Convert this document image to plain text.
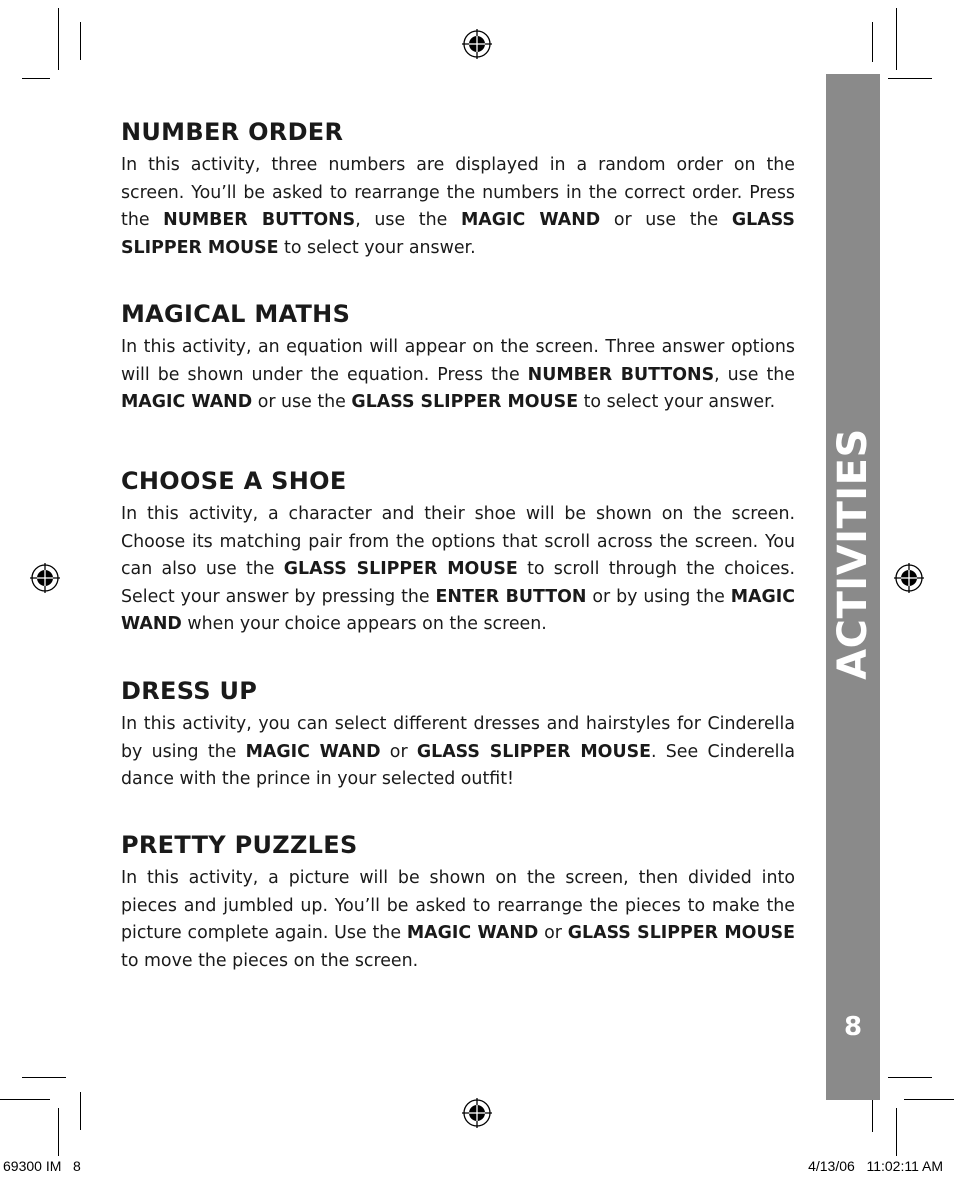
ACTIVITIES
8
NUMBER ORDER

In this activity, three numbers are displayed in a random order on the screen. You’ll be asked to rearrange the numbers in the correct order. Press the NUMBER BUTTONS, use the MAGIC WAND or use the GLASS SLIPPER MOUSE to select your answer.

MAGICAL MATHS

In this activity, an equation will appear on the screen. Three answer options will be shown under the equation. Press the NUMBER BUTTONS, use the MAGIC WAND or use the GLASS SLIPPER MOUSE to select your answer.

CHOOSE A SHOE

In this activity, a character and their shoe will be shown on the screen. Choose its matching pair from the options that scroll across the screen. You can also use the GLASS SLIPPER MOUSE to scroll through the choices. Select your answer by pressing the ENTER BUTTON or by using the MAGIC WAND when your choice appears on the screen.

DRESS UP

In this activity, you can select different dresses and hairstyles for Cinderella by using the MAGIC WAND or GLASS SLIPPER MOUSE. See Cinderella dance with the prince in your selected outfit!

PRETTY PUZZLES

In this activity, a picture will be shown on the screen, then divided into pieces and jumbled up. You’ll be asked to rearrange the pieces to make the picture complete again. Use the MAGIC WAND or GLASS SLIPPER MOUSE to move the pieces on the screen.

69300 IM   8	4/13/06   11:02:11 AM
